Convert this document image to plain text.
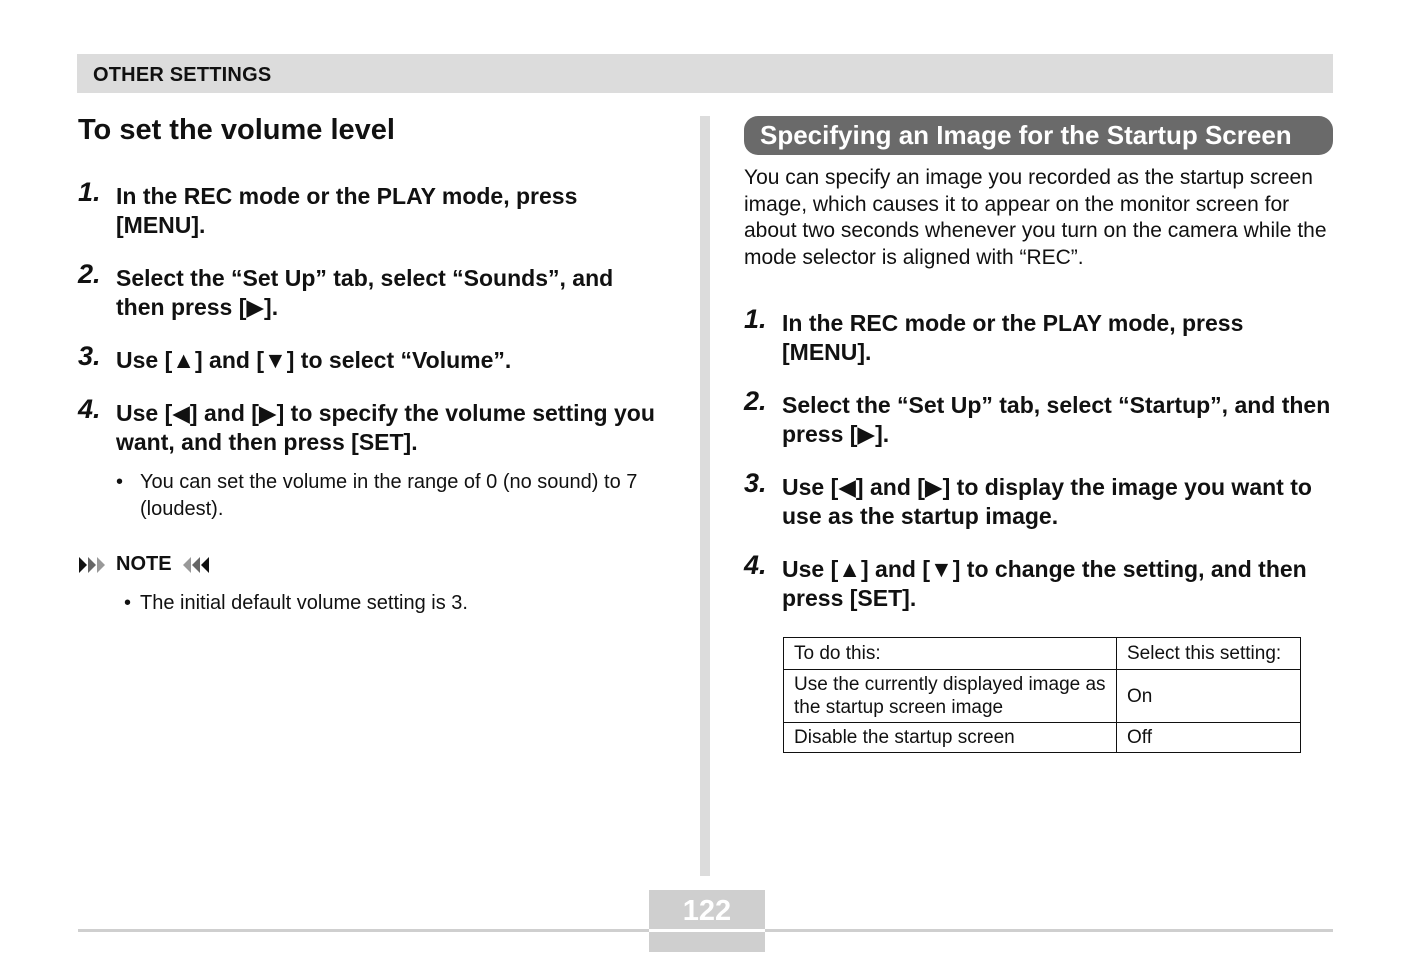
OTHER SETTINGS
To set the volume level
1. In the REC mode or the PLAY mode, press [MENU].
2. Select the “Set Up” tab, select “Sounds”, and then press [▶].
3. Use [▲] and [▼] to select “Volume”.
4. Use [◀] and [▶] to specify the volume setting you want, and then press [SET].
• You can set the volume in the range of 0 (no sound) to 7 (loudest).
NOTE
• The initial default volume setting is 3.
Specifying an Image for the Startup Screen
You can specify an image you recorded as the startup screen image, which causes it to appear on the monitor screen for about two seconds whenever you turn on the camera while the mode selector is aligned with “REC”.
1. In the REC mode or the PLAY mode, press [MENU].
2. Select the “Set Up” tab, select “Startup”, and then press [▶].
3. Use [◀] and [▶] to display the image you want to use as the startup image.
4. Use [▲] and [▼] to change the setting, and then press [SET].
To do this:	Select this setting:
Use the currently displayed image as the startup screen image	On
Disable the startup screen	Off
122
